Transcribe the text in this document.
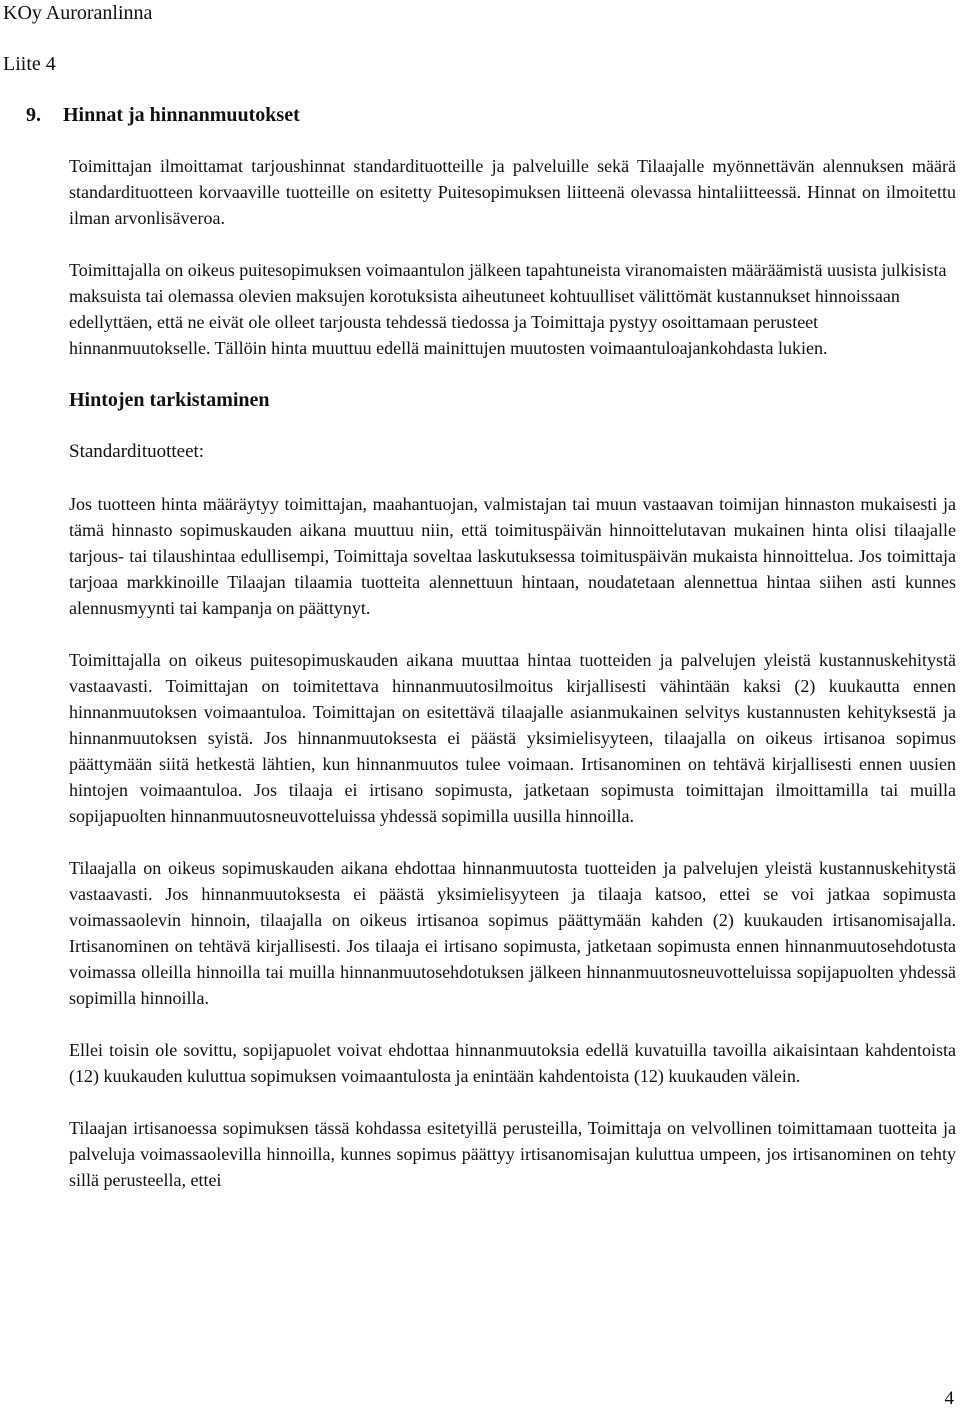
KOy Auroranlinna
Liite 4
9. Hinnat ja hinnanmuutokset

Toimittajan ilmoittamat tarjoushinnat standardituotteille ja palveluille sekä Tilaajalle myönnettävän alennuksen määrä standardituotteen korvaaville tuotteille on esitetty Puitesopimuksen liitteenä olevassa hintaliitteessä. Hinnat on ilmoitettu ilman arvonlisäveroa.

Toimittajalla on oikeus puitesopimuksen voimaantulon jälkeen tapahtuneista viranomaisten määräämistä uusista julkisista maksuista tai olemassa olevien maksujen korotuksista aiheutuneet kohtuulliset välittömät kustannukset hinnoissaan edellyttäen, että ne eivät ole olleet tarjousta tehdessä tiedossa ja Toimittaja pystyy osoittamaan perusteet hinnanmuutokselle. Tällöin hinta muuttuu edellä mainittujen muutosten voimaantuloajankohdasta lukien.

Hintojen tarkistaminen
Standardituotteet:

Jos tuotteen hinta määräytyy toimittajan, maahantuojan, valmistajan tai muun vastaavan toimijan hinnaston mukaisesti ja tämä hinnasto sopimuskauden aikana muuttuu niin, että toimituspäivän hinnoittelutavan mukainen hinta olisi tilaajalle tarjous- tai tilaushintaa edullisempi, Toimittaja soveltaa laskutuksessa toimituspäivän mukaista hinnoittelua. Jos toimittaja tarjoaa markkinoille Tilaajan tilaamia tuotteita alennettuun hintaan, noudatetaan alennettua hintaa siihen asti kunnes alennusmyynti tai kampanja on päättynyt.

Toimittajalla on oikeus puitesopimuskauden aikana muuttaa hintaa tuotteiden ja palvelujen yleistä kustannuskehitystä vastaavasti. Toimittajan on toimitettava hinnanmuutosilmoitus kirjallisesti vähintään kaksi (2) kuukautta ennen hinnanmuutoksen voimaantuloa. Toimittajan on esitettävä tilaajalle asianmukainen selvitys kustannusten kehityksestä ja hinnanmuutoksen syistä. Jos hinnanmuutoksesta ei päästä yksimielisyyteen, tilaajalla on oikeus irtisanoa sopimus päättymään siitä hetkestä lähtien, kun hinnanmuutos tulee voimaan. Irtisanominen on tehtävä kirjallisesti ennen uusien hintojen voimaantuloa. Jos tilaaja ei irtisano sopimusta, jatketaan sopimusta toimittajan ilmoittamilla tai muilla sopijapuolten hinnanmuutosneuvotteluissa yhdessä sopimilla uusilla hinnoilla.

Tilaajalla on oikeus sopimuskauden aikana ehdottaa hinnanmuutosta tuotteiden ja palvelujen yleistä kustannuskehitystä vastaavasti. Jos hinnanmuutoksesta ei päästä yksimielisyyteen ja tilaaja katsoo, ettei se voi jatkaa sopimusta voimassaolevin hinnoin, tilaajalla on oikeus irtisanoa sopimus päättymään kahden (2) kuukauden irtisanomisajalla. Irtisanominen on tehtävä kirjallisesti. Jos tilaaja ei irtisano sopimusta, jatketaan sopimusta ennen hinnanmuutosehdotusta voimassa olleilla hinnoilla tai muilla hinnanmuutosehdotuksen jälkeen hinnanmuutosneuvotteluissa sopijapuolten yhdessä sopimilla hinnoilla.

Ellei toisin ole sovittu, sopijapuolet voivat ehdottaa hinnanmuutoksia edellä kuvatuilla tavoilla aikaisintaan kahdentoista (12) kuukauden kuluttua sopimuksen voimaantulosta ja enintään kahdentoista (12) kuukauden välein.

Tilaajan irtisanoessa sopimuksen tässä kohdassa esitetyillä perusteilla, Toimittaja on velvollinen toimittamaan tuotteita ja palveluja voimassaolevilla hinnoilla, kunnes sopimus päättyy irtisanomisajan kuluttua umpeen, jos irtisanominen on tehty sillä perusteella, ettei

4
